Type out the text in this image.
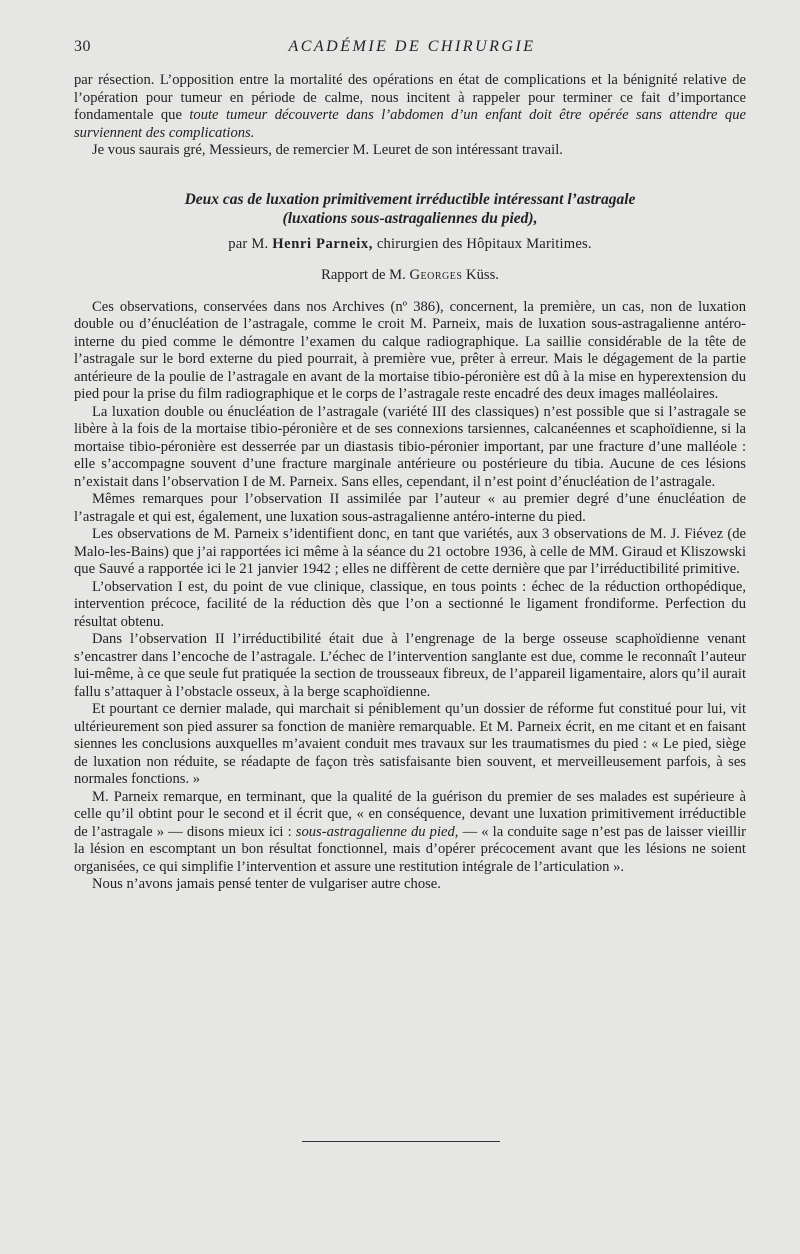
30	ACADÉMIE DE CHIRURGIE

par résection. L’opposition entre la mortalité des opérations en état de complications et la bénignité relative de l’opération pour tumeur en période de calme, nous incitent à rappeler pour terminer ce fait d’importance fondamentale que toute tumeur découverte dans l’abdomen d’un enfant doit être opérée sans attendre que surviennent des complications.

Je vous saurais gré, Messieurs, de remercier M. Leuret de son intéressant travail.

Deux cas de luxation primitivement irréductible intéressant l’astragale
(luxations sous-astragaliennes du pied),
par M. Henri Parneix, chirurgien des Hôpitaux Maritimes.
Rapport de M. Georges Küss.

Ces observations, conservées dans nos Archives (nº 386), concernent, la première, un cas, non de luxation double ou d’énucléation de l’astragale, comme le croit M. Parneix, mais de luxation sous-astragalienne antéro-interne du pied comme le démontre l’examen du calque radiographique. La saillie considérable de la tête de l’astragale sur le bord externe du pied pourrait, à première vue, prêter à erreur. Mais le dégagement de la partie antérieure de la poulie de l’astragale en avant de la mortaise tibio-péronière est dû à la mise en hyperextension du pied pour la prise du film radiographique et le corps de l’astragale reste encadré des deux images malléolaires.

La luxation double ou énucléation de l’astragale (variété III des classiques) n’est possible que si l’astragale se libère à la fois de la mortaise tibio-péronière et de ses connexions tarsiennes, calcanéennes et scaphoïdienne, si la mortaise tibio-péronière est desserrée par un diastasis tibio-péronier important, par une fracture d’une malléole : elle s’accompagne souvent d’une fracture marginale antérieure ou postérieure du tibia. Aucune de ces lésions n’existait dans l’observation I de M. Parneix. Sans elles, cependant, il n’est point d’énucléation de l’astragale.

Mêmes remarques pour l’observation II assimilée par l’auteur « au premier degré d’une énucléation de l’astragale et qui est, également, une luxation sous-astragalienne antéro-interne du pied.

Les observations de M. Parneix s’identifient donc, en tant que variétés, aux 3 observations de M. J. Fiévez (de Malo-les-Bains) que j’ai rapportées ici même à la séance du 21 octobre 1936, à celle de MM. Giraud et Kliszowski que Sauvé a rapportée ici le 21 janvier 1942 ; elles ne diffèrent de cette dernière que par l’irréductibilité primitive.

L’observation I est, du point de vue clinique, classique, en tous points : échec de la réduction orthopédique, intervention précoce, facilité de la réduction dès que l’on a sectionné le ligament frondiforme. Perfection du résultat obtenu.

Dans l’observation II l’irréductibilité était due à l’engrenage de la berge osseuse scaphoïdienne venant s’encastrer dans l’encoche de l’astragale. L’échec de l’intervention sanglante est due, comme le reconnaît l’auteur lui-même, à ce que seule fut pratiquée la section de trousseaux fibreux, de l’appareil ligamentaire, alors qu’il aurait fallu s’attaquer à l’obstacle osseux, à la berge scaphoïdienne.

Et pourtant ce dernier malade, qui marchait si péniblement qu’un dossier de réforme fut constitué pour lui, vit ultérieurement son pied assurer sa fonction de manière remarquable. Et M. Parneix écrit, en me citant et en faisant siennes les conclusions auxquelles m’avaient conduit mes travaux sur les traumatismes du pied : « Le pied, siège de luxation non réduite, se réadapte de façon très satisfaisante bien souvent, et merveilleusement parfois, à ses normales fonctions. »

M. Parneix remarque, en terminant, que la qualité de la guérison du premier de ses malades est supérieure à celle qu’il obtint pour le second et il écrit que, « en conséquence, devant une luxation primitivement irréductible de l’astragale » — disons mieux ici : sous-astragalienne du pied, — « la conduite sage n’est pas de laisser vieillir la lésion en escomptant un bon résultat fonctionnel, mais d’opérer précocement avant que les lésions ne soient organisées, ce qui simplifie l’intervention et assure une restitution intégrale de l’articulation ».

Nous n’avons jamais pensé tenter de vulgariser autre chose.
